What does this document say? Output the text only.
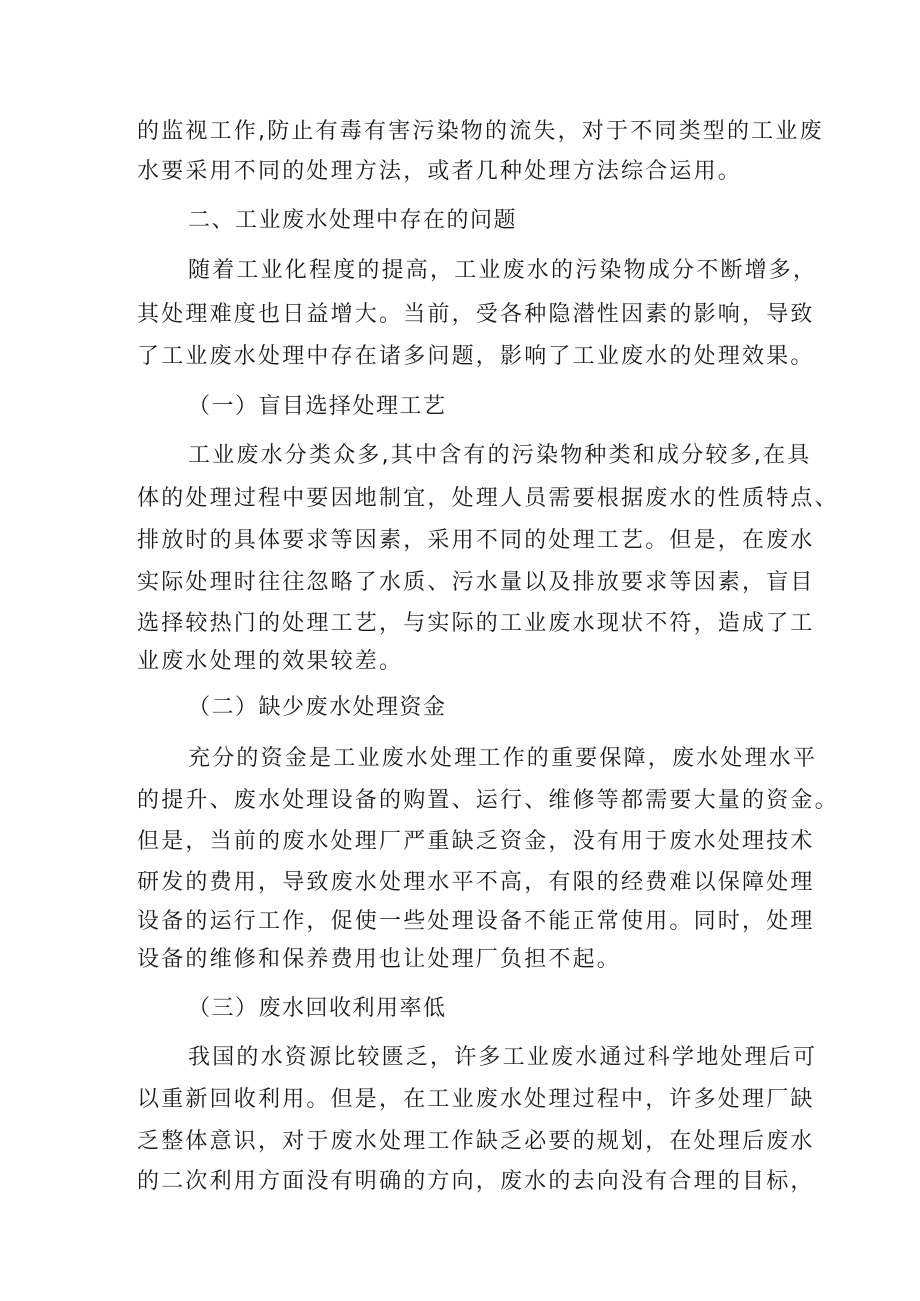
的监视工作,防止有毒有害污染物的流失，对于不同类型的工业废
水要采用不同的处理方法，或者几种处理方法综合运用。
二、工业废水处理中存在的问题
随着工业化程度的提高，工业废水的污染物成分不断增多，
其处理难度也日益增大。当前，受各种隐潜性因素的影响，导致
了工业废水处理中存在诸多问题，影响了工业废水的处理效果。
（一）盲目选择处理工艺
工业废水分类众多,其中含有的污染物种类和成分较多,在具
体的处理过程中要因地制宜，处理人员需要根据废水的性质特点、
排放时的具体要求等因素，采用不同的处理工艺。但是，在废水
实际处理时往往忽略了水质、污水量以及排放要求等因素，盲目
选择较热门的处理工艺，与实际的工业废水现状不符，造成了工
业废水处理的效果较差。
（二）缺少废水处理资金
充分的资金是工业废水处理工作的重要保障，废水处理水平
的提升、废水处理设备的购置、运行、维修等都需要大量的资金。
但是，当前的废水处理厂严重缺乏资金，没有用于废水处理技术
研发的费用，导致废水处理水平不高，有限的经费难以保障处理
设备的运行工作，促使一些处理设备不能正常使用。同时，处理
设备的维修和保养费用也让处理厂负担不起。
（三）废水回收利用率低
我国的水资源比较匮乏，许多工业废水通过科学地处理后可
以重新回收利用。但是，在工业废水处理过程中，许多处理厂缺
乏整体意识，对于废水处理工作缺乏必要的规划，在处理后废水
的二次利用方面没有明确的方向，废水的去向没有合理的目标，
